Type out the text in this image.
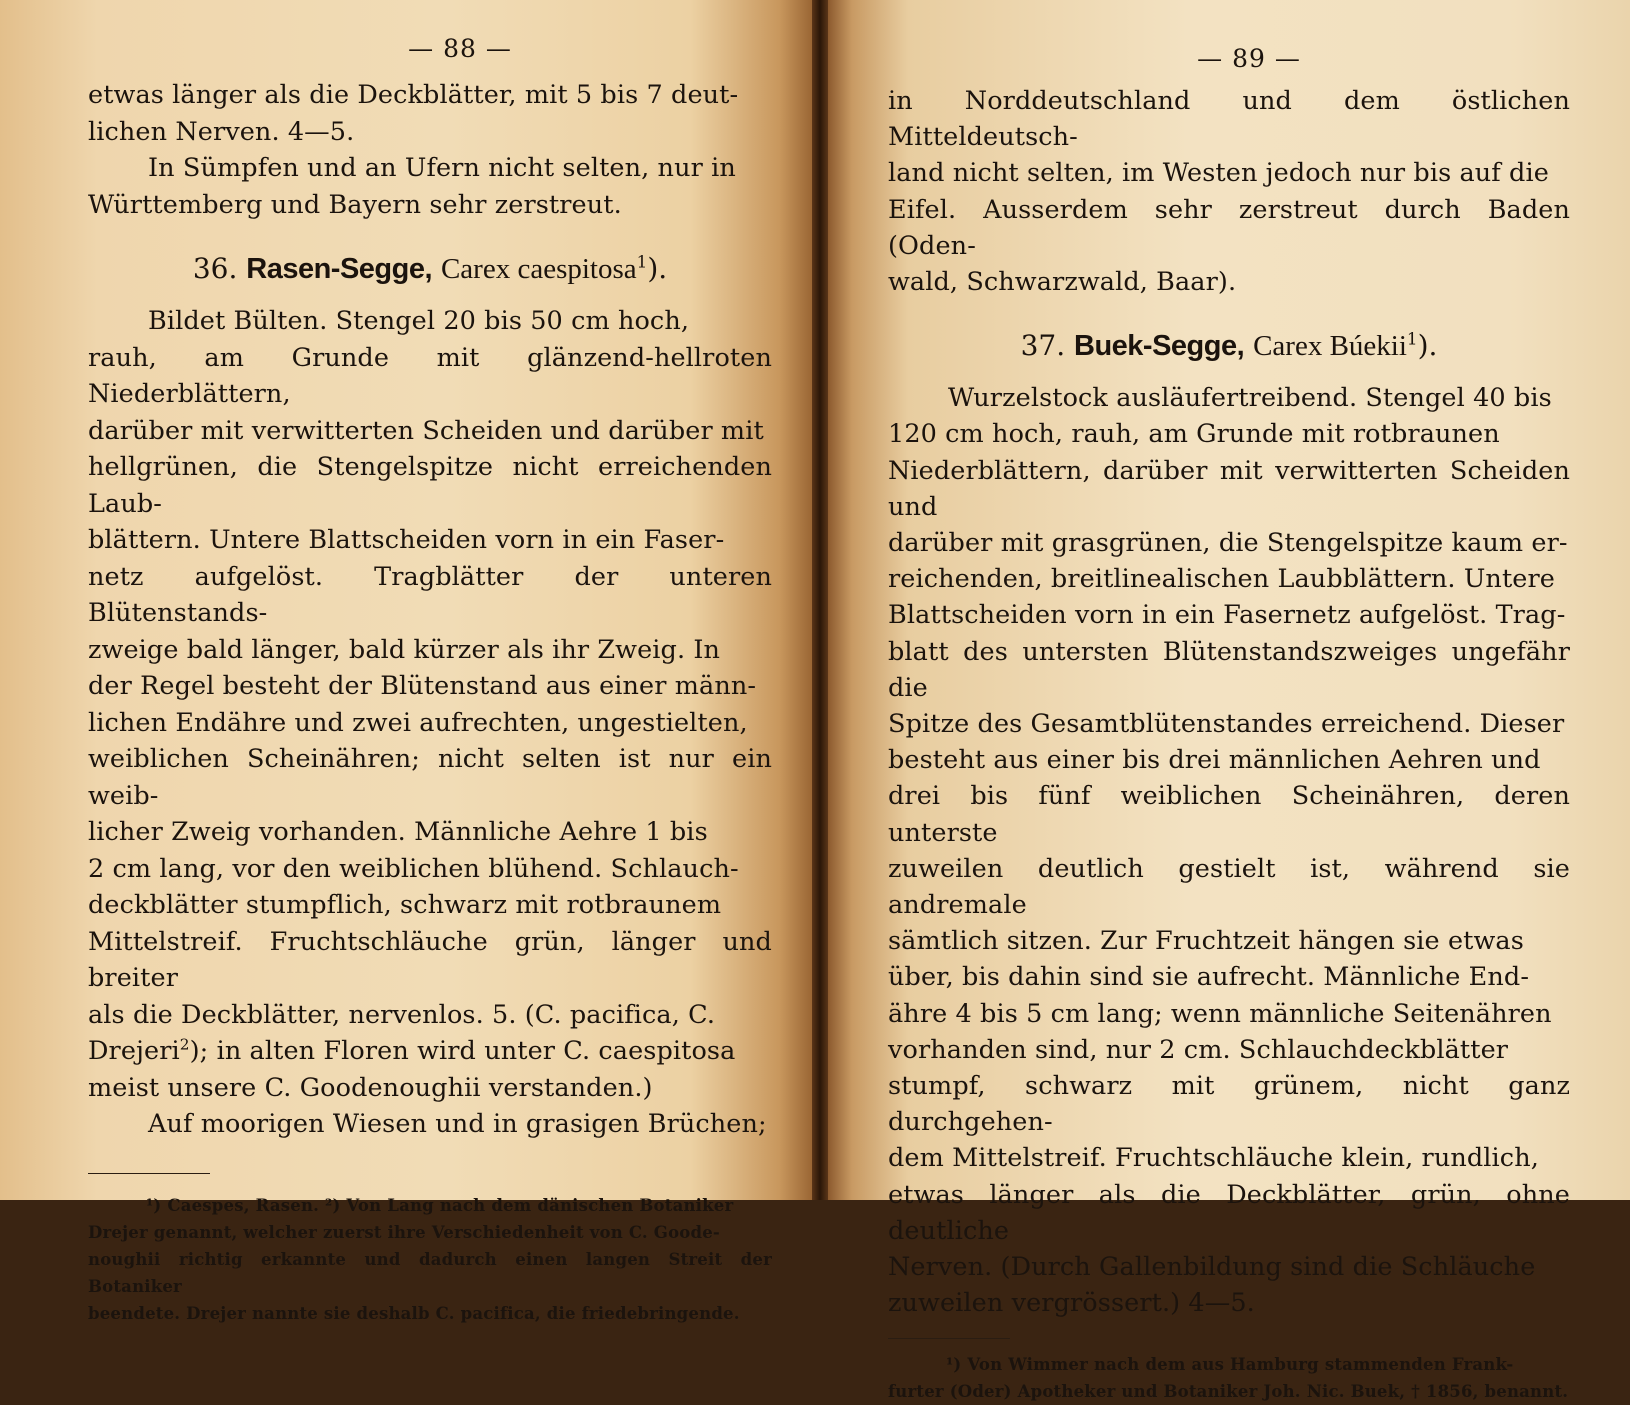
— 88 —

etwas länger als die Deckblätter, mit 5 bis 7 deut-
lichen Nerven. 4—5.

In Sümpfen und an Ufern nicht selten, nur in
Württemberg und Bayern sehr zerstreut.

36. Rasen-Segge, Carex caespitosa$^1$).

Bildet Bülten. Stengel 20 bis 50 cm hoch,
rauh, am Grunde mit glänzend-hellroten Niederblättern,
darüber mit verwitterten Scheiden und darüber mit
hellgrünen, die Stengelspitze nicht erreichenden Laub-
blättern. Untere Blattscheiden vorn in ein Faser-
netz aufgelöst. Tragblätter der unteren Blütenstands-
zweige bald länger, bald kürzer als ihr Zweig. In
der Regel besteht der Blütenstand aus einer männ-
lichen Endähre und zwei aufrechten, ungestielten,
weiblichen Scheinähren; nicht selten ist nur ein weib-
licher Zweig vorhanden. Männliche Aehre 1 bis
2 cm lang, vor den weiblichen blühend. Schlauch-
deckblätter stumpflich, schwarz mit rotbraunem
Mittelstreif. Fruchtschläuche grün, länger und breiter
als die Deckblätter, nervenlos. 5. (C. pacifica, C.
Drejeri$^2$); in alten Floren wird unter C. caespitosa
meist unsere C. Goodenoughii verstanden.)

Auf moorigen Wiesen und in grasigen Brüchen;

¹) Caespes, Rasen. ²) Von Lang nach dem dänischen Botaniker
Drejer genannt, welcher zuerst ihre Verschiedenheit von C. Goode-
noughii richtig erkannte und dadurch einen langen Streit der Botaniker
beendete. Drejer nannte sie deshalb C. pacifica, die friedebringende.

— 89 —

in Norddeutschland und dem östlichen Mitteldeutsch-
land nicht selten, im Westen jedoch nur bis auf die
Eifel. Ausserdem sehr zerstreut durch Baden (Oden-
wald, Schwarzwald, Baar).

37. Buek-Segge, Carex Búekii$^1$).

Wurzelstock ausläufertreibend. Stengel 40 bis
120 cm hoch, rauh, am Grunde mit rotbraunen
Niederblättern, darüber mit verwitterten Scheiden und
darüber mit grasgrünen, die Stengelspitze kaum er-
reichenden, breitlinealischen Laubblättern. Untere
Blattscheiden vorn in ein Fasernetz aufgelöst. Trag-
blatt des untersten Blütenstandszweiges ungefähr die
Spitze des Gesamtblütenstandes erreichend. Dieser
besteht aus einer bis drei männlichen Aehren und
drei bis fünf weiblichen Scheinähren, deren unterste
zuweilen deutlich gestielt ist, während sie andremale
sämtlich sitzen. Zur Fruchtzeit hängen sie etwas
über, bis dahin sind sie aufrecht. Männliche End-
ähre 4 bis 5 cm lang; wenn männliche Seitenähren
vorhanden sind, nur 2 cm. Schlauchdeckblätter
stumpf, schwarz mit grünem, nicht ganz durchgehen-
dem Mittelstreif. Fruchtschläuche klein, rundlich,
etwas länger als die Deckblätter, grün, ohne deutliche
Nerven. (Durch Gallenbildung sind die Schläuche
zuweilen vergrössert.) 4—5.

¹) Von Wimmer nach dem aus Hamburg stammenden Frank-
furter (Oder) Apotheker und Botaniker Joh. Nic. Buek, † 1856, benannt.
